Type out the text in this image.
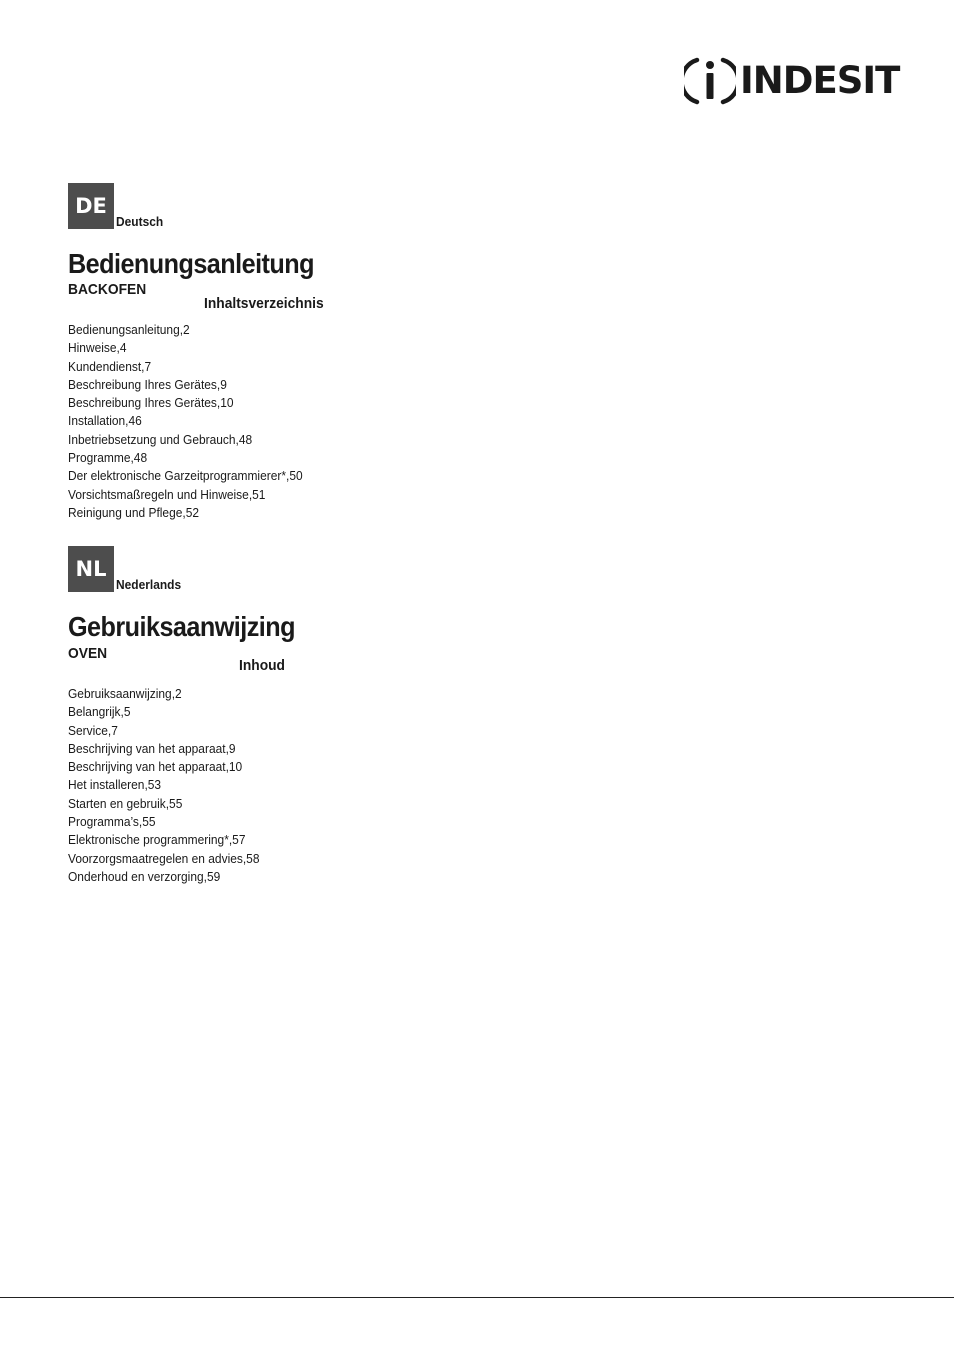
INDESIT
DE
Deutsch
Bedienungsanleitung
BACKOFEN
Inhaltsverzeichnis
Bedienungsanleitung,2
Hinweise,4
Kundendienst,7
Beschreibung Ihres Gerätes,9
Beschreibung Ihres Gerätes,10
Installation,46
Inbetriebsetzung und Gebrauch,48
Programme,48
Der elektronische Garzeitprogrammierer*,50
Vorsichtsmaßregeln und Hinweise,51
Reinigung und Pflege,52
NL
Nederlands
Gebruiksaanwijzing
OVEN
Inhoud
Gebruiksaanwijzing,2
Belangrijk,5
Service,7
Beschrijving van het apparaat,9
Beschrijving van het apparaat,10
Het installeren,53
Starten en gebruik,55
Programma’s,55
Elektronische programmering*,57
Voorzorgsmaatregelen en advies,58
Onderhoud en verzorging,59
